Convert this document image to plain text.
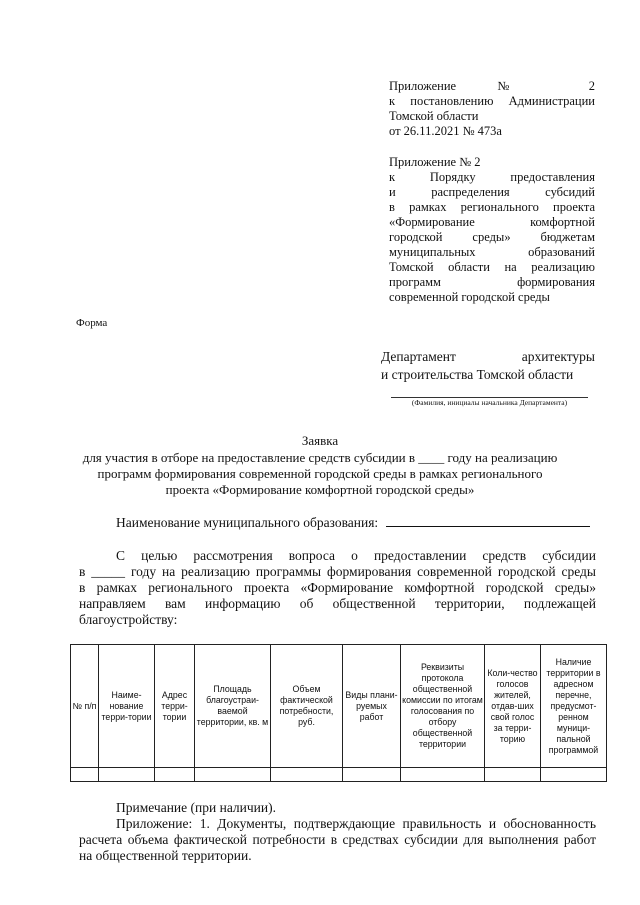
Приложение № 2
к постановлению Администрации
Томской области
от 26.11.2021 № 473а
Приложение № 2
к Порядку предоставления
и распределения субсидий
в рамках регионального проекта
«Формирование комфортной
городской среды» бюджетам
муниципальных образований
Томской области на реализацию
программ формирования
современной городской среды
Форма
Департамент архитектуры
и строительства Томской области
(Фамилия, инициалы начальника Департамента)
Заявка
для участия в отборе на предоставление средств субсидии в ____ году на реализацию
программ формирования современной городской среды в рамках регионального
проекта «Формирование комфортной городской среды»
Наименование муниципального образования:
С целью рассмотрения вопроса о предоставлении средств субсидии
в _____ году на реализацию программы формирования современной городской среды
в рамках регионального проекта «Формирование комфортной городской среды»
направляем вам информацию об общественной территории, подлежащей
благоустройству:
№ п/п	Наиме-нование терри-тории	Адрес терри-тории	Площадь благоустраи-ваемой территории, кв. м	Объем фактической потребности, руб.	Виды плани-руемых работ	Реквизиты протокола общественной комиссии по итогам голосования по отбору общественной территории	Коли-чество голосов жителей, отдав-ших свой голос за терри-торию	Наличие территории в адресном перечне, предусмот-ренном муници-пальной программой

Примечание (при наличии).
Приложение: 1. Документы, подтверждающие правильность и обоснованность
расчета объема фактической потребности в средствах субсидии для выполнения работ
на общественной территории.
